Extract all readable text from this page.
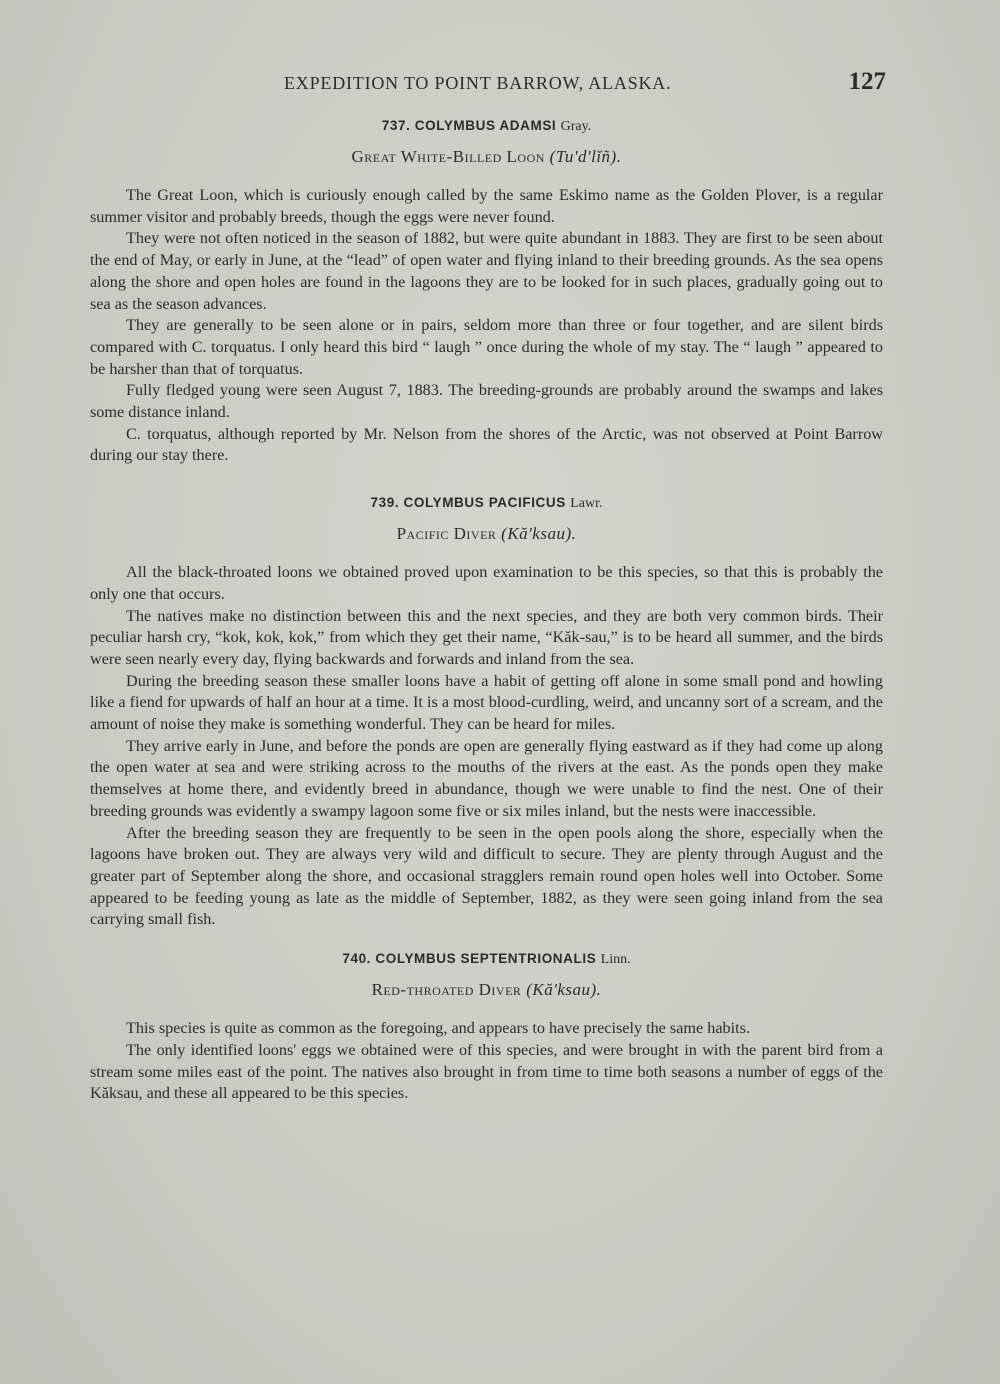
EXPEDITION TO POINT BARROW, ALASKA.	127
737. COLYMBUS ADAMSI Gray.
Great White-Billed Loon (Tu'd'lĭñ).

The Great Loon, which is curiously enough called by the same Eskimo name as the Golden Plover, is a regular summer visitor and probably breeds, though the eggs were never found.

They were not often noticed in the season of 1882, but were quite abundant in 1883. They are first to be seen about the end of May, or early in June, at the “lead” of open water and flying inland to their breeding grounds. As the sea opens along the shore and open holes are found in the lagoons they are to be looked for in such places, gradually going out to sea as the season advances.

They are generally to be seen alone or in pairs, seldom more than three or four together, and are silent birds compared with C. torquatus. I only heard this bird “ laugh ” once during the whole of my stay. The “ laugh ” appeared to be harsher than that of torquatus.

Fully fledged young were seen August 7, 1883. The breeding-grounds are probably around the swamps and lakes some distance inland.

C. torquatus, although reported by Mr. Nelson from the shores of the Arctic, was not observed at Point Barrow during our stay there.

739. COLYMBUS PACIFICUS Lawr.
Pacific Diver (Kă'ksau).

All the black-throated loons we obtained proved upon examination to be this species, so that this is probably the only one that occurs.

The natives make no distinction between this and the next species, and they are both very common birds. Their peculiar harsh cry, “kok, kok, kok,” from which they get their name, “Kăk-sau,” is to be heard all summer, and the birds were seen nearly every day, flying backwards and forwards and inland from the sea.

During the breeding season these smaller loons have a habit of getting off alone in some small pond and howling like a fiend for upwards of half an hour at a time. It is a most blood-curdling, weird, and uncanny sort of a scream, and the amount of noise they make is something wonderful. They can be heard for miles.

They arrive early in June, and before the ponds are open are generally flying eastward as if they had come up along the open water at sea and were striking across to the mouths of the rivers at the east. As the ponds open they make themselves at home there, and evidently breed in abundance, though we were unable to find the nest. One of their breeding grounds was evidently a swampy lagoon some five or six miles inland, but the nests were inaccessible.

After the breeding season they are frequently to be seen in the open pools along the shore, especially when the lagoons have broken out. They are always very wild and difficult to secure. They are plenty through August and the greater part of September along the shore, and occasional stragglers remain round open holes well into October. Some appeared to be feeding young as late as the middle of September, 1882, as they were seen going inland from the sea carrying small fish.

740. COLYMBUS SEPTENTRIONALIS Linn.
Red-throated Diver (Kă'ksau).

This species is quite as common as the foregoing, and appears to have precisely the same habits.

The only identified loons' eggs we obtained were of this species, and were brought in with the parent bird from a stream some miles east of the point. The natives also brought in from time to time both seasons a number of eggs of the Kăksau, and these all appeared to be this species.
